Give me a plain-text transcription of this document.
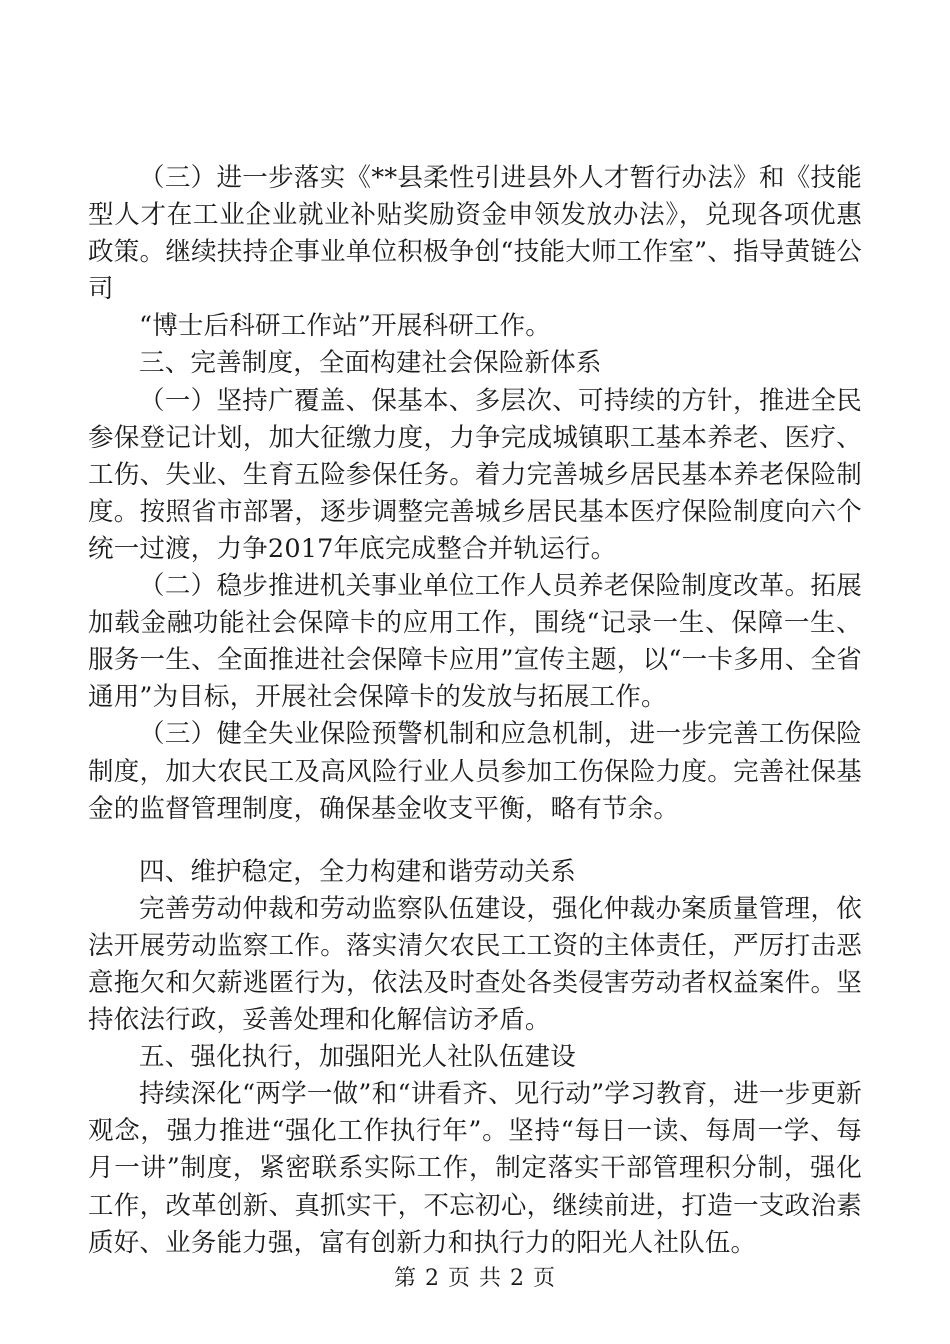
（三）进一步落实《**县柔性引进县外人才暂行办法》和《技能型人才在工业企业就业补贴奖励资金申领发放办法》，兑现各项优惠政策。继续扶持企事业单位积极争创“技能大师工作室”、指导黄链公司

“博士后科研工作站”开展科研工作。

三、完善制度，全面构建社会保险新体系

（一）坚持广覆盖、保基本、多层次、可持续的方针，推进全民参保登记计划，加大征缴力度，力争完成城镇职工基本养老、医疗、工伤、失业、生育五险参保任务。着力完善城乡居民基本养老保险制度。按照省市部署，逐步调整完善城乡居民基本医疗保险制度向六个统一过渡，力争2017年底完成整合并轨运行。

（二）稳步推进机关事业单位工作人员养老保险制度改革。拓展加载金融功能社会保障卡的应用工作，围绕“记录一生、保障一生、服务一生、全面推进社会保障卡应用”宣传主题，以“一卡多用、全省通用”为目标，开展社会保障卡的发放与拓展工作。

（三）健全失业保险预警机制和应急机制，进一步完善工伤保险制度，加大农民工及高风险行业人员参加工伤保险力度。完善社保基金的监督管理制度，确保基金收支平衡，略有节余。

四、维护稳定，全力构建和谐劳动关系

完善劳动仲裁和劳动监察队伍建设，强化仲裁办案质量管理，依法开展劳动监察工作。落实清欠农民工工资的主体责任，严厉打击恶意拖欠和欠薪逃匿行为，依法及时查处各类侵害劳动者权益案件。坚持依法行政，妥善处理和化解信访矛盾。

五、强化执行，加强阳光人社队伍建设

持续深化“两学一做”和“讲看齐、见行动”学习教育，进一步更新观念，强力推进“强化工作执行年”。坚持“每日一读、每周一学、每月一讲”制度，紧密联系实际工作，制定落实干部管理积分制，强化工作，改革创新、真抓实干，不忘初心，继续前进，打造一支政治素质好、业务能力强，富有创新力和执行力的阳光人社队伍。

第 2 页 共 2 页
